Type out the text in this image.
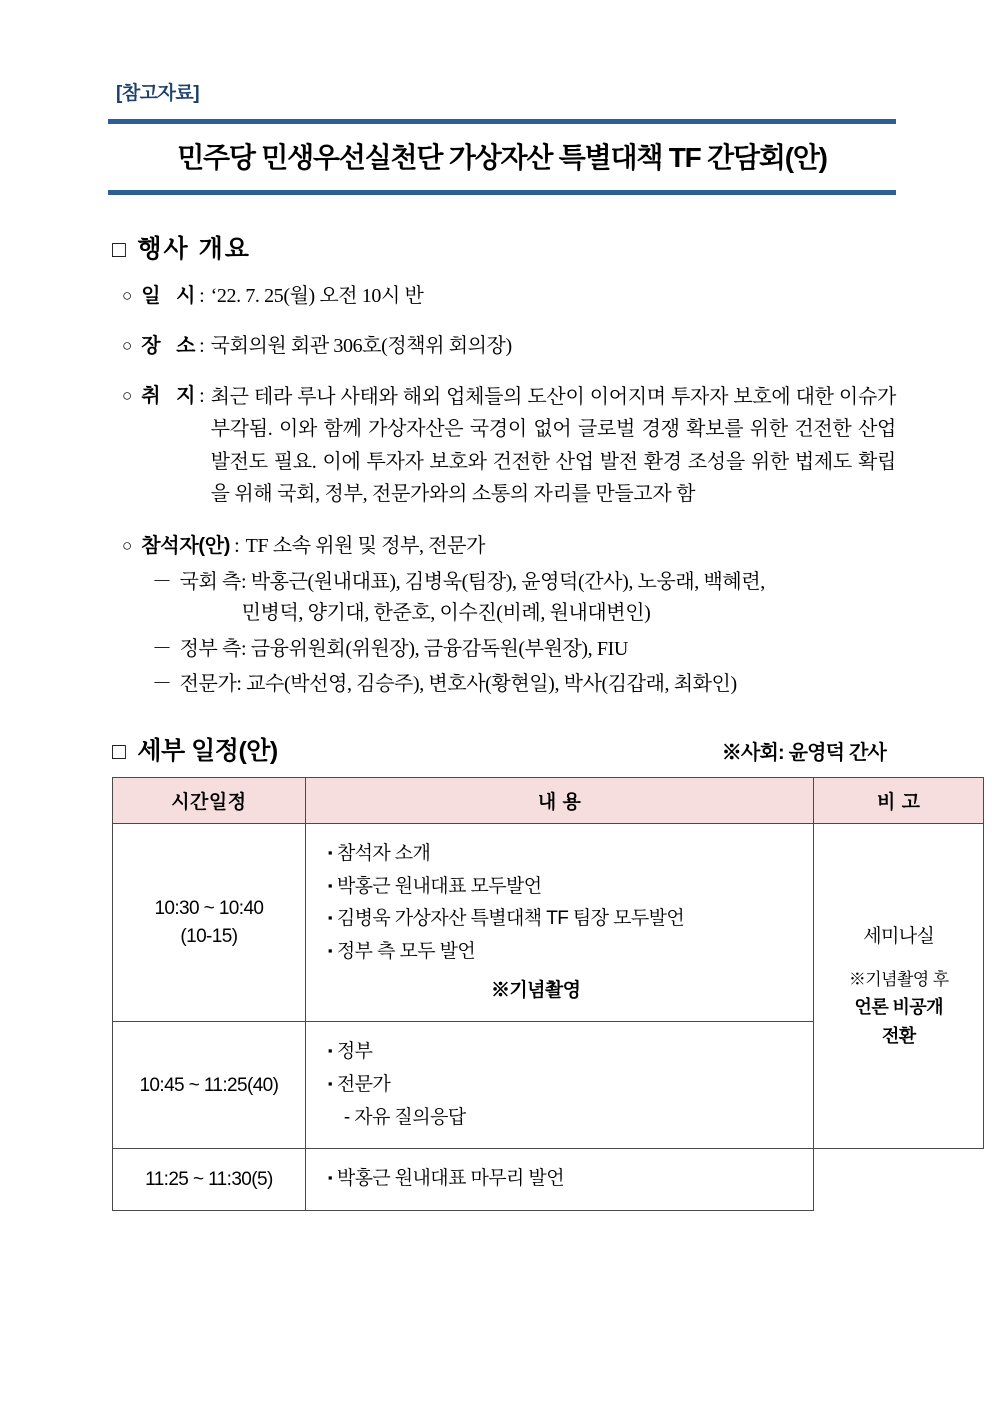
[참고자료]
민주당 민생우선실천단 가상자산 특별대책 TF 간담회(안)
□ 행사 개요
○ 일   시 : ‘22. 7. 25(월) 오전 10시 반
○ 장   소 : 국회의원 회관 306호(정책위 회의장)
○ 취   지 : 최근 테라 루나 사태와 해외 업체들의 도산이 이어지며 투자자 보호에 대한 이슈가 부각됨. 이와 함께 가상자산은 국경이 없어 글로벌 경쟁 확보를 위한 건전한 산업 발전도 필요. 이에 투자자 보호와 건전한 산업 발전 환경 조성을 위한 법제도 확립을 위해 국회, 정부, 전문가와의 소통의 자리를 만들고자 함
○ 참석자(안) : TF 소속 위원 및 정부, 전문가
－ 국회 측: 박홍근(원내대표), 김병욱(팀장), 윤영덕(간사), 노웅래, 백혜련,
민병덕, 양기대, 한준호, 이수진(비례, 원내대변인)
－ 정부 측: 금융위원회(위원장), 금융감독원(부원장), FIU
－ 전문가: 교수(박선영, 김승주), 변호사(황현일), 박사(김갑래, 최화인)
□ 세부 일정(안)	※사회: 윤영덕 간사
시간일정	내 용	비 고
10:30 ~ 10:40
(10-15)	▪ 참석자 소개
▪ 박홍근 원내대표 모두발언
▪ 김병욱 가상자산 특별대책 TF 팀장 모두발언
▪ 정부 측 모두 발언
※기념촬영	세미나실
※기념촬영 후
언론 비공개
전환

10:45 ~ 11:25(40)	▪ 정부
▪ 전문가
- 자유 질의응답	

11:25 ~ 11:30(5)	▪ 박홍근 원내대표 마무리 발언	
